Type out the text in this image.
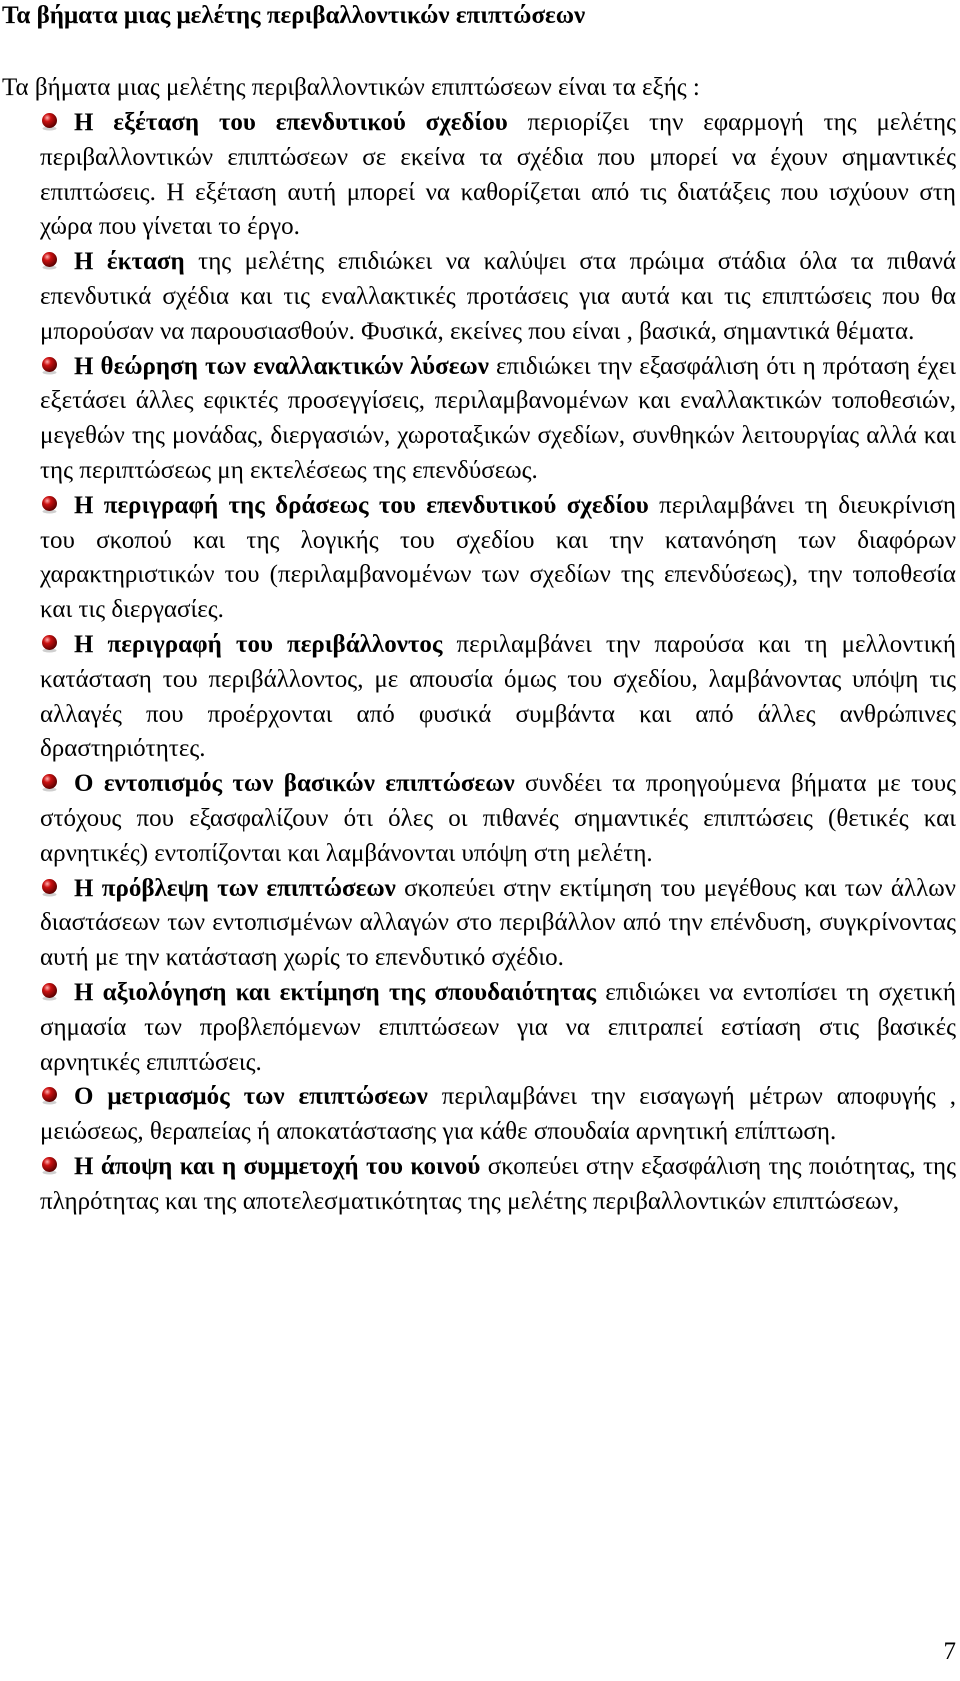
Τα βήματα μιας μελέτης περιβαλλοντικών επιπτώσεων
Τα βήματα μιας μελέτης περιβαλλοντικών επιπτώσεων είναι τα εξής :

Η εξέταση του επενδυτικού σχεδίου περιορίζει την εφαρμογή της μελέτης περιβαλλοντικών επιπτώσεων σε εκείνα τα σχέδια που μπορεί να έχουν σημαντικές επιπτώσεις. Η εξέταση αυτή μπορεί να καθορίζεται από τις διατάξεις που ισχύουν στη χώρα που γίνεται το έργο.

Η έκταση της μελέτης επιδιώκει να καλύψει στα πρώιμα στάδια όλα τα πιθανά επενδυτικά σχέδια και τις εναλλακτικές προτάσεις για αυτά και τις επιπτώσεις που θα μπορούσαν να παρουσιασθούν. Φυσικά, εκείνες που είναι , βασικά, σημαντικά θέματα.

Η θεώρηση των εναλλακτικών λύσεων επιδιώκει την εξασφάλιση ότι η πρόταση έχει εξετάσει άλλες εφικτές προσεγγίσεις, περιλαμβανομένων και εναλλακτικών τοποθεσιών, μεγεθών της μονάδας, διεργασιών, χωροταξικών σχεδίων, συνθηκών λειτουργίας αλλά και της περιπτώσεως μη εκτελέσεως της επενδύσεως.

Η περιγραφή της δράσεως του επενδυτικού σχεδίου περιλαμβάνει τη διευκρίνιση του σκοπού και της λογικής του σχεδίου και την κατανόηση των διαφόρων χαρακτηριστικών του (περιλαμβανομένων των σχεδίων της επενδύσεως), την τοποθεσία και τις διεργασίες.

Η περιγραφή του περιβάλλοντος περιλαμβάνει την παρούσα και τη μελλοντική κατάσταση του περιβάλλοντος, με απουσία όμως του σχεδίου, λαμβάνοντας υπόψη τις αλλαγές που προέρχονται από φυσικά συμβάντα και από άλλες ανθρώπινες δραστηριότητες.

Ο εντοπισμός των βασικών επιπτώσεων συνδέει τα προηγούμενα βήματα με τους στόχους που εξασφαλίζουν ότι όλες οι πιθανές σημαντικές επιπτώσεις (θετικές και αρνητικές) εντοπίζονται και λαμβάνονται υπόψη στη μελέτη.

Η πρόβλεψη των επιπτώσεων σκοπεύει στην εκτίμηση του μεγέθους και των άλλων διαστάσεων των εντοπισμένων αλλαγών στο περιβάλλον από την επένδυση, συγκρίνοντας αυτή με την κατάσταση χωρίς το επενδυτικό σχέδιο.

Η αξιολόγηση και εκτίμηση της σπουδαιότητας επιδιώκει να εντοπίσει τη σχετική σημασία των προβλεπόμενων επιπτώσεων για να επιτραπεί εστίαση στις βασικές αρνητικές επιπτώσεις.

Ο μετριασμός των επιπτώσεων περιλαμβάνει την εισαγωγή μέτρων αποφυγής , μειώσεως, θεραπείας ή αποκατάστασης για κάθε σπουδαία αρνητική επίπτωση.

Η άποψη και η συμμετοχή του κοινού σκοπεύει στην εξασφάλιση της ποιότητας, της πληρότητας και της αποτελεσματικότητας της μελέτης περιβαλλοντικών επιπτώσεων,

7
